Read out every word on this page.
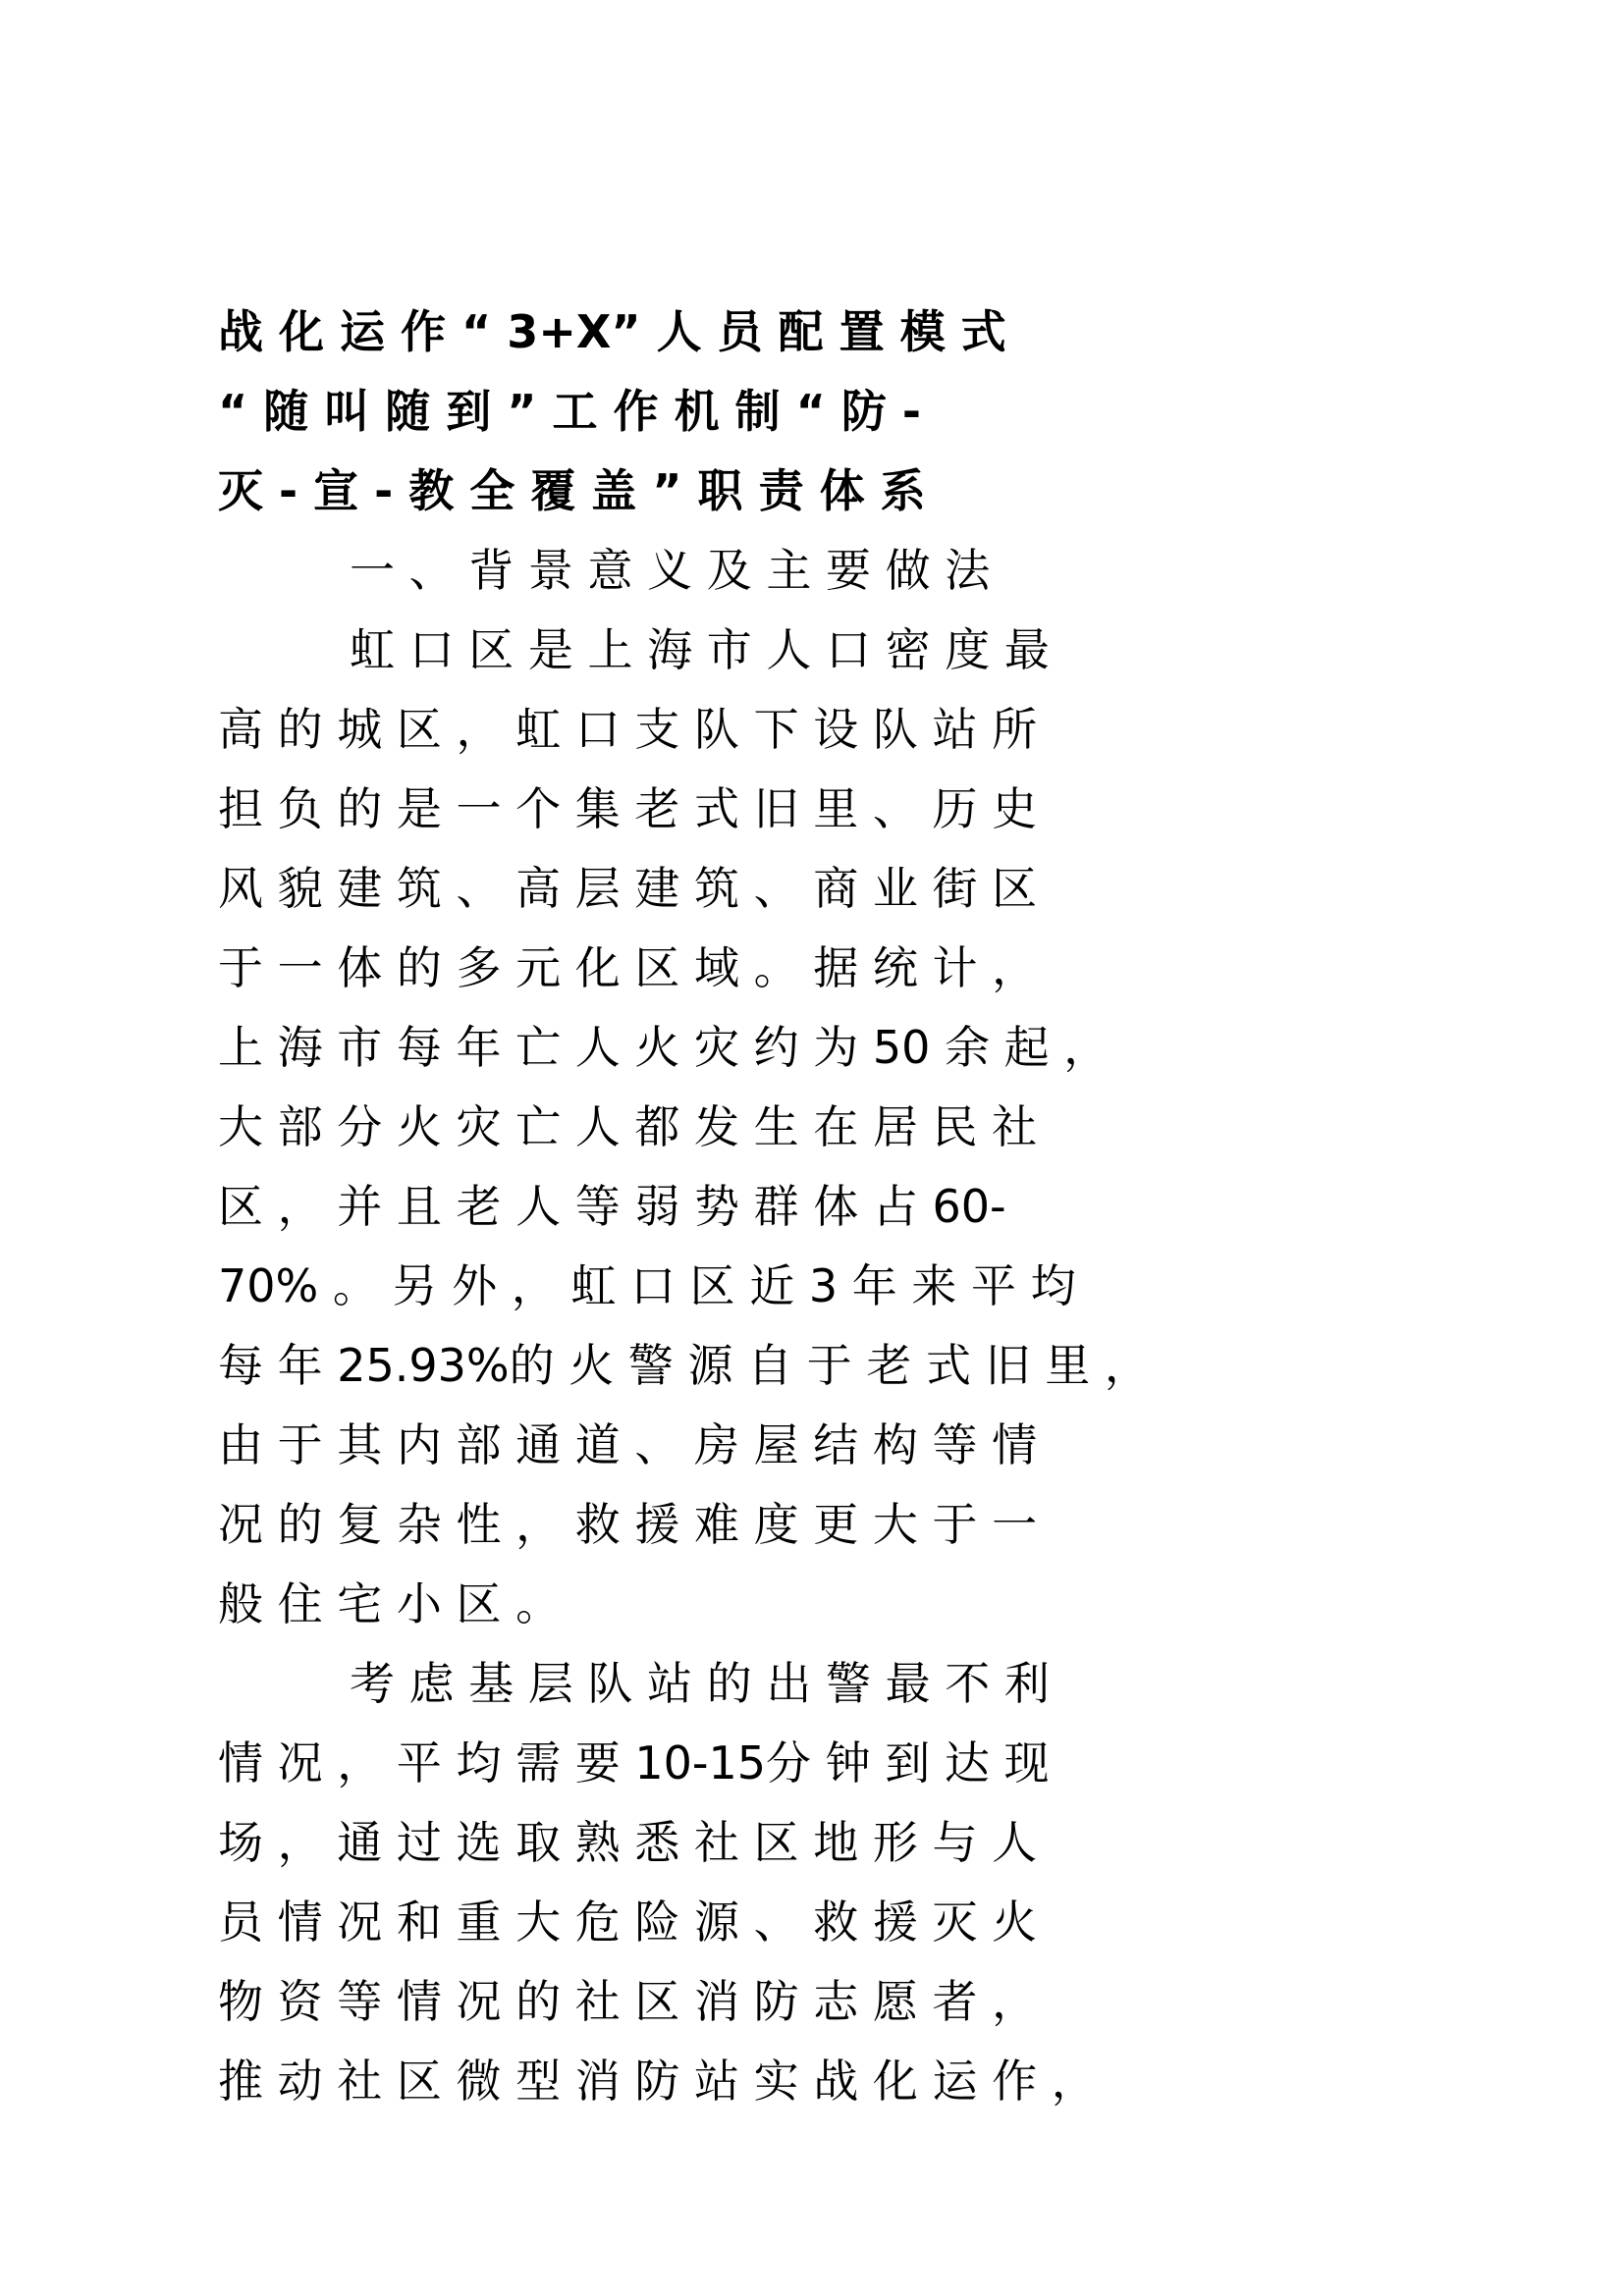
战 化 运 作 “ 3+X” 人 员 配 置 模 式
“ 随 叫 随 到 ” 工 作 机 制 “ 防 -
灭 - 宣 - 教 全 覆 盖 ” 职 责 体 系
一 、 背 景 意 义 及 主 要 做 法
虹 口 区 是 上 海 市 人 口 密 度 最
高 的 城 区 ， 虹 口 支 队 下 设 队 站 所
担 负 的 是 一 个 集 老 式 旧 里 、 历 史
风 貌 建 筑 、 高 层 建 筑 、 商 业 街 区
于 一 体 的 多 元 化 区 域 。 据 统 计 ，
上 海 市 每 年 亡 人 火 灾 约 为 50 余 起 ，
大 部 分 火 灾 亡 人 都 发 生 在 居 民 社
区 ， 并 且 老 人 等 弱 势 群 体 占 60-
70% 。 另 外 ， 虹 口 区 近 3 年 来 平 均
每 年 25.93%的 火 警 源 自 于 老 式 旧 里 ，
由 于 其 内 部 通 道 、 房 屋 结 构 等 情
况 的 复 杂 性 ， 救 援 难 度 更 大 于 一
般 住 宅 小 区 。
考 虑 基 层 队 站 的 出 警 最 不 利
情 况 ， 平 均 需 要 10-15分 钟 到 达 现
场 ， 通 过 选 取 熟 悉 社 区 地 形 与 人
员 情 况 和 重 大 危 险 源 、 救 援 灭 火
物 资 等 情 况 的 社 区 消 防 志 愿 者 ，
推 动 社 区 微 型 消 防 站 实 战 化 运 作 ，
